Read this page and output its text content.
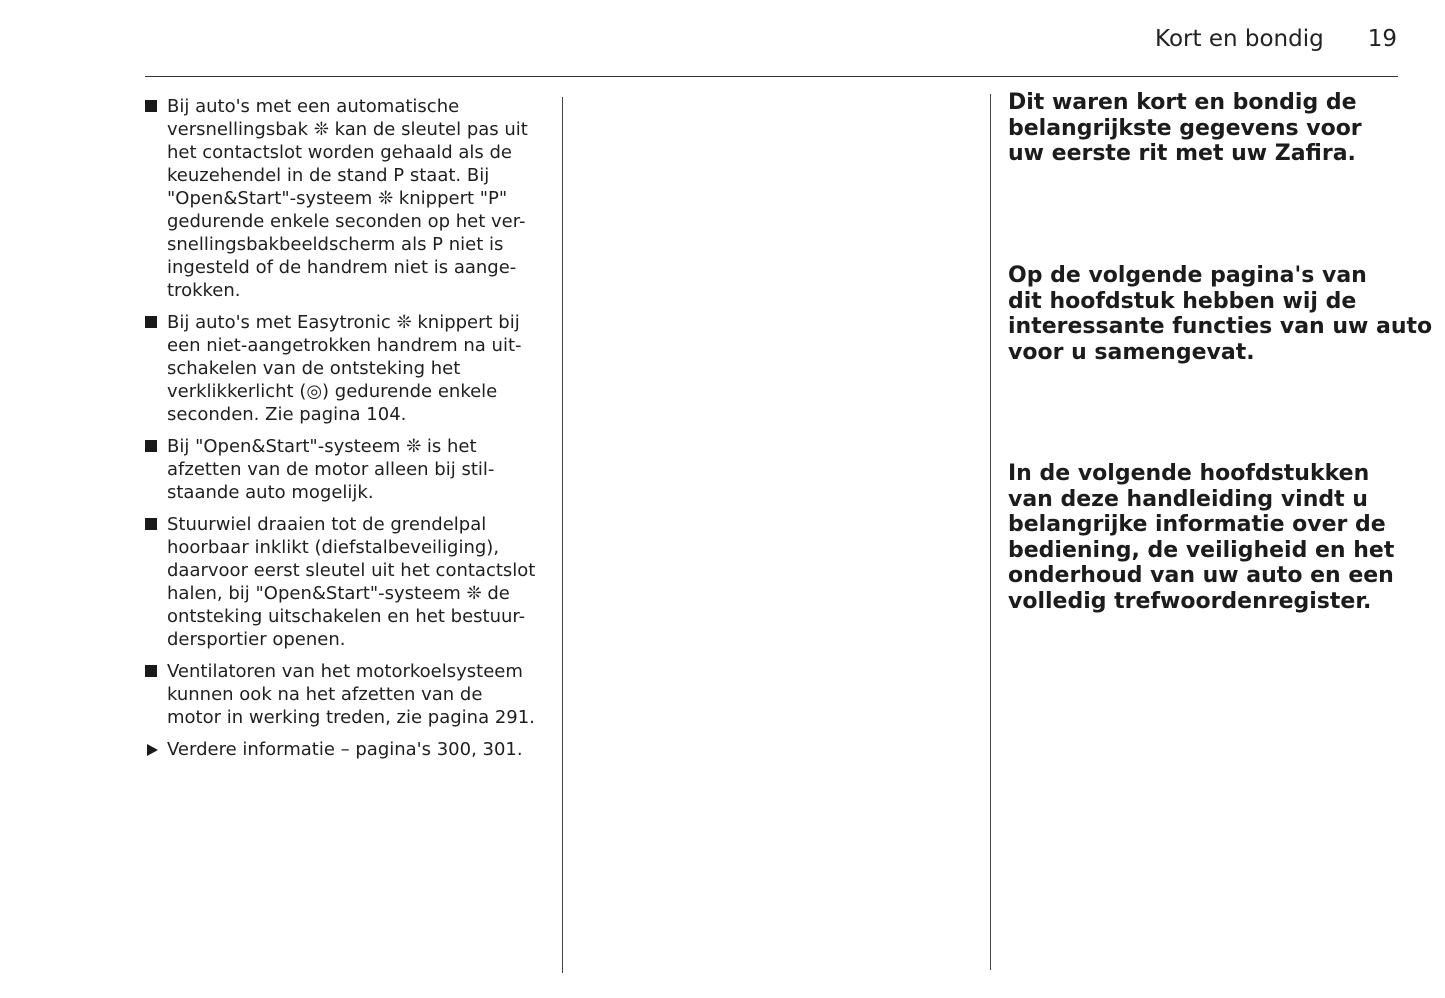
Kort en bondig 19
Bij auto's met een automatische
versnellingsbak ❊ kan de sleutel pas uit
het contactslot worden gehaald als de
keuzehendel in de stand P staat. Bij
"Open&Start"-systeem ❊ knippert "P"
gedurende enkele seconden op het ver-
snellingsbakbeeldscherm als P niet is
ingesteld of de handrem niet is aange-
trokken.
Bij auto's met Easytronic ❊ knippert bij
een niet-aangetrokken handrem na uit-
schakelen van de ontsteking het
verklikkerlicht (◎) gedurende enkele
seconden. Zie pagina 104.
Bij "Open&Start"-systeem ❊ is het
afzetten van de motor alleen bij stil-
staande auto mogelijk.
Stuurwiel draaien tot de grendelpal
hoorbaar inklikt (diefstalbeveiliging),
daarvoor eerst sleutel uit het contactslot
halen, bij "Open&Start"-systeem ❊ de
ontsteking uitschakelen en het bestuur-
dersportier openen.
Ventilatoren van het motorkoelsysteem
kunnen ook na het afzetten van de
motor in werking treden, zie pagina 291.
Verdere informatie – pagina's 300, 301.
Dit waren kort en bondig de
belangrijkste gegevens voor
uw eerste rit met uw Zafira.
Op de volgende pagina's van
dit hoofdstuk hebben wij de
interessante functies van uw auto
voor u samengevat.
In de volgende hoofdstukken
van deze handleiding vindt u
belangrijke informatie over de
bediening, de veiligheid en het
onderhoud van uw auto en een
volledig trefwoordenregister.
